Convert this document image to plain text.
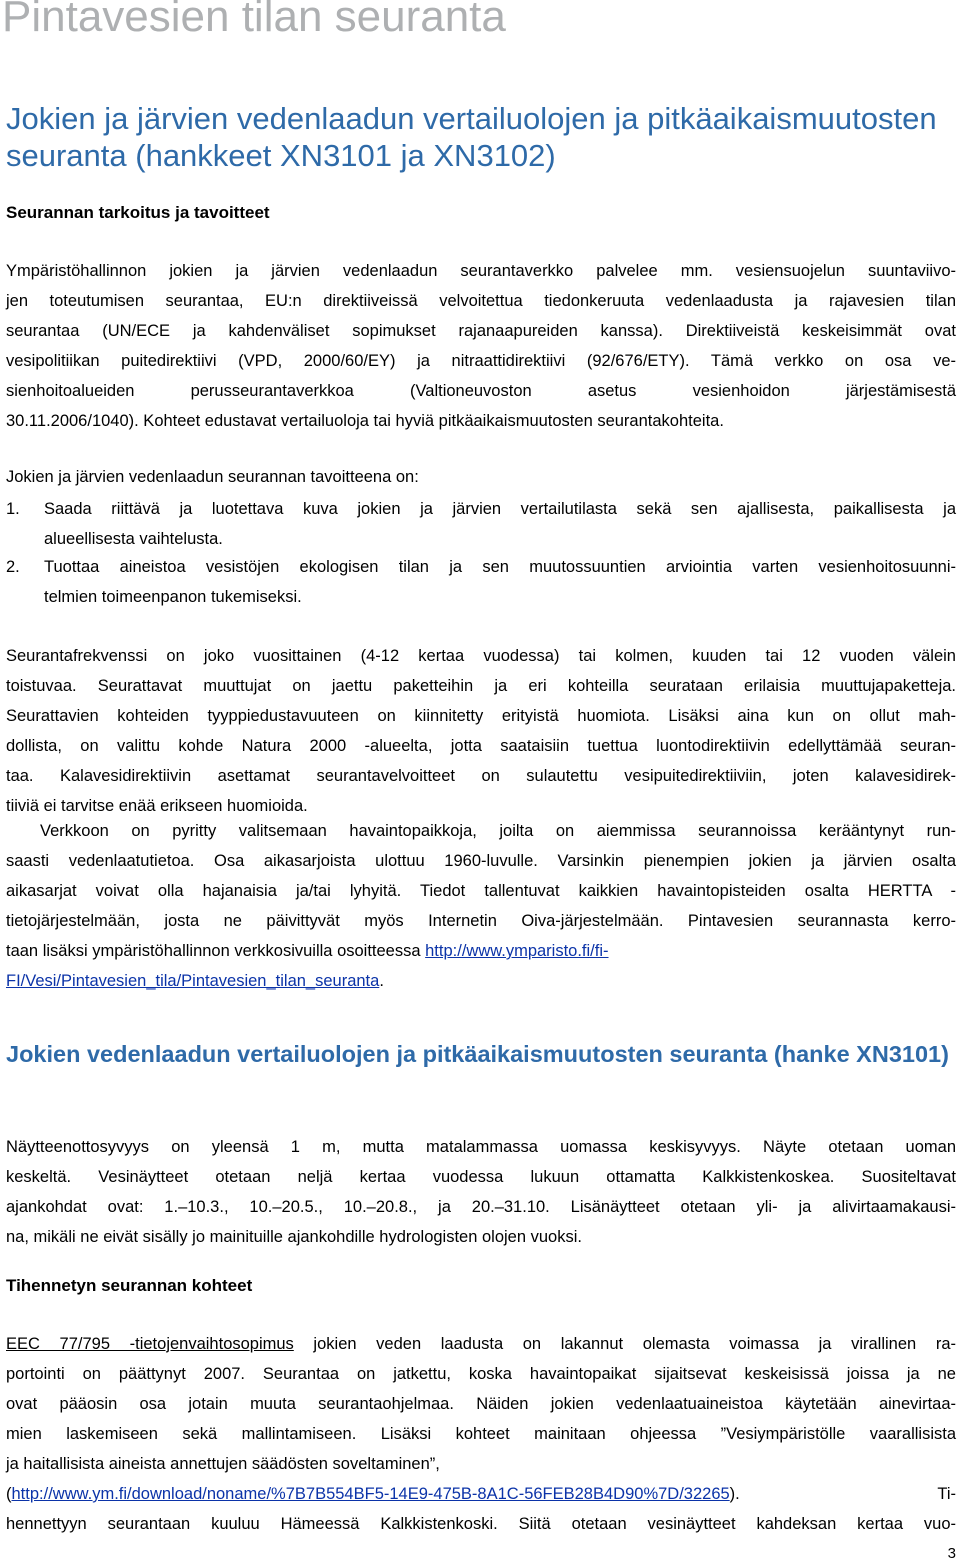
Pintavesien tilan seuranta
Jokien ja järvien vedenlaadun vertailuolojen ja pitkäaikaismuutosten seuranta (hankkeet XN3101 ja XN3102)
Seurannan tarkoitus ja tavoitteet
Ympäristöhallinnon jokien ja järvien vedenlaadun seurantaverkko palvelee mm. vesiensuojelun suuntaviivo-
jen toteutumisen seurantaa, EU:n direktiiveissä velvoitettua tiedonkeruuta vedenlaadusta ja rajavesien tilan
seurantaa (UN/ECE ja kahdenväliset sopimukset rajanaapureiden kanssa). Direktiiveistä keskeisimmät ovat
vesipolitiikan puitedirektiivi (VPD, 2000/60/EY) ja nitraattidirektiivi (92/676/ETY). Tämä verkko on osa ve-
sienhoitoalueiden perusseurantaverkkoa (Valtioneuvoston asetus vesienhoidon järjestämisestä
30.11.2006/1040). Kohteet edustavat vertailuoloja tai hyviä pitkäaikaismuutosten seurantakohteita.

Jokien ja järvien vedenlaadun seurannan tavoitteena on:

1. Saada riittävä ja luotettava kuva jokien ja järvien vertailutilasta sekä sen ajallisesta, paikallisesta ja
alueellisesta vaihtelusta.
2. Tuottaa aineistoa vesistöjen ekologisen tilan ja sen muutossuuntien arviointia varten vesienhoitosuunni-
telmien toimeenpanon tukemiseksi.
Seurantafrekvenssi on joko vuosittainen (4-12 kertaa vuodessa) tai kolmen, kuuden tai 12 vuoden välein
toistuvaa. Seurattavat muuttujat on jaettu paketteihin ja eri kohteilla seurataan erilaisia muuttujapaketteja.
Seurattavien kohteiden tyyppiedustavuuteen on kiinnitetty erityistä huomiota. Lisäksi aina kun on ollut mah-
dollista, on valittu kohde Natura 2000 -alueelta, jotta saataisiin tuettua luontodirektiivin edellyttämää seuran-
taa. Kalavesidirektiivin asettamat seurantavelvoitteet on sulautettu vesipuitedirektiiviin, joten kalavesidirek-
tiiviä ei tarvitse enää erikseen huomioida.
Verkkoon on pyritty valitsemaan havaintopaikkoja, joilta on aiemmissa seurannoissa kerääntynyt run-
saasti vedenlaatutietoa. Osa aikasarjoista ulottuu 1960-luvulle. Varsinkin pienempien jokien ja järvien osalta
aikasarjat voivat olla hajanaisia ja/tai lyhyitä. Tiedot tallentuvat kaikkien havaintopisteiden osalta HERTTA -
tietojärjestelmään, josta ne päivittyvät myös Internetin Oiva-järjestelmään. Pintavesien seurannasta kerro-
taan lisäksi ympäristöhallinnon verkkosivuilla osoitteessa http://www.ymparisto.fi/fi-
FI/Vesi/Pintavesien_tila/Pintavesien_tilan_seuranta.
Jokien vedenlaadun vertailuolojen ja pitkäaikaismuutosten seuranta (hanke XN3101)
Näytteenottosyvyys on yleensä 1 m, mutta matalammassa uomassa keskisyvyys. Näyte otetaan uoman
keskeltä. Vesinäytteet otetaan neljä kertaa vuodessa lukuun ottamatta Kalkkistenkoskea. Suositeltavat
ajankohdat ovat: 1.–10.3., 10.–20.5., 10.–20.8., ja 20.–31.10. Lisänäytteet otetaan yli- ja alivirtaamakausi-
na, mikäli ne eivät sisälly jo mainituille ajankohdille hydrologisten olojen vuoksi.
Tihennetyn seurannan kohteet
EEC 77/795 -tietojenvaihtosopimus jokien veden laadusta on lakannut olemasta voimassa ja virallinen ra-
portointi on päättynyt 2007. Seurantaa on jatkettu, koska havaintopaikat sijaitsevat keskeisissä joissa ja ne
ovat pääosin osa jotain muuta seurantaohjelmaa. Näiden jokien vedenlaatuaineistoa käytetään ainevirtaa-
mien laskemiseen sekä mallintamiseen. Lisäksi kohteet mainitaan ohjeessa ”Vesiympäristölle vaarallisista
ja haitallisista aineista annettujen säädösten soveltaminen”,
(http://www.ym.fi/download/noname/%7B7B554BF5-14E9-475B-8A1C-56FEB28B4D90%7D/32265). Ti-
hennettyyn seurantaan kuuluu Hämeessä Kalkkistenkoski. Siitä otetaan vesinäytteet kahdeksan kertaa vuo-
3
